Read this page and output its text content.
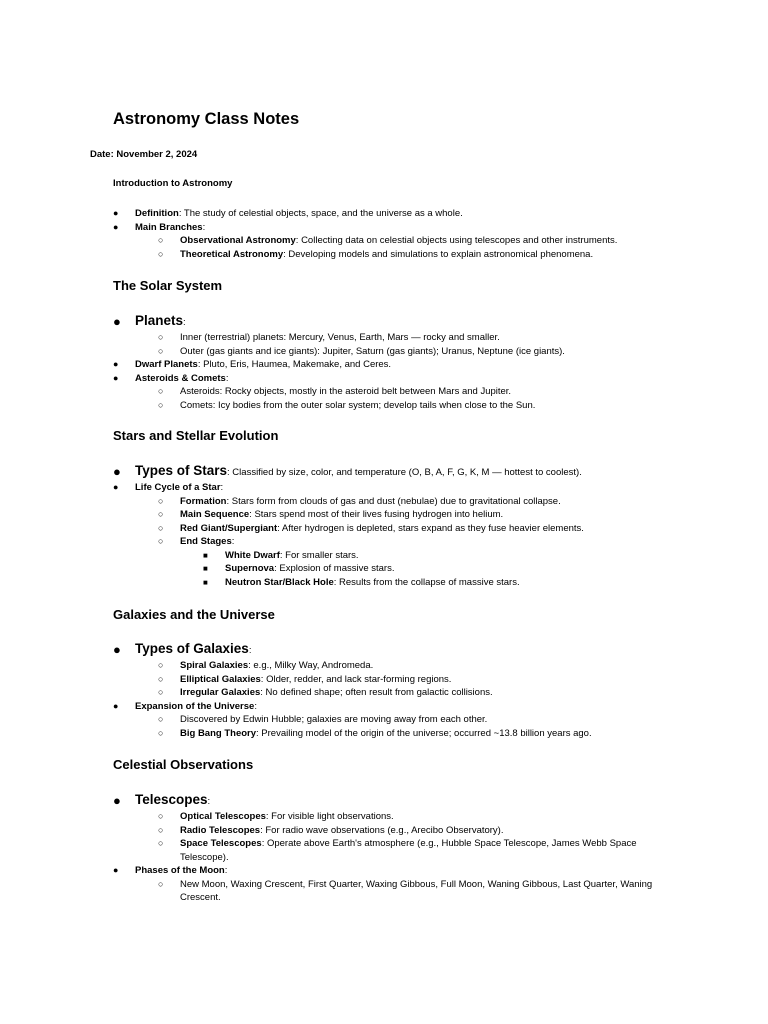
Astronomy Class Notes
Date: November 2, 2024
Introduction to Astronomy
● Definition: The study of celestial objects, space, and the universe as a whole.
● Main Branches:
○ Observational Astronomy: Collecting data on celestial objects using telescopes and other instruments.
○ Theoretical Astronomy: Developing models and simulations to explain astronomical phenomena.
The Solar System
● Planets:
○ Inner (terrestrial) planets: Mercury, Venus, Earth, Mars — rocky and smaller.
○ Outer (gas giants and ice giants): Jupiter, Saturn (gas giants); Uranus, Neptune (ice giants).
● Dwarf Planets: Pluto, Eris, Haumea, Makemake, and Ceres.
● Asteroids & Comets:
○ Asteroids: Rocky objects, mostly in the asteroid belt between Mars and Jupiter.
○ Comets: Icy bodies from the outer solar system; develop tails when close to the Sun.
Stars and Stellar Evolution
● Types of Stars: Classified by size, color, and temperature (O, B, A, F, G, K, M — hottest to coolest).
● Life Cycle of a Star:
○ Formation: Stars form from clouds of gas and dust (nebulae) due to gravitational collapse.
○ Main Sequence: Stars spend most of their lives fusing hydrogen into helium.
○ Red Giant/Supergiant: After hydrogen is depleted, stars expand as they fuse heavier elements.
○ End Stages:
■ White Dwarf: For smaller stars.
■ Supernova: Explosion of massive stars.
■ Neutron Star/Black Hole: Results from the collapse of massive stars.
Galaxies and the Universe
● Types of Galaxies:
○ Spiral Galaxies: e.g., Milky Way, Andromeda.
○ Elliptical Galaxies: Older, redder, and lack star-forming regions.
○ Irregular Galaxies: No defined shape; often result from galactic collisions.
● Expansion of the Universe:
○ Discovered by Edwin Hubble; galaxies are moving away from each other.
○ Big Bang Theory: Prevailing model of the origin of the universe; occurred ~13.8 billion years ago.
Celestial Observations
● Telescopes:
○ Optical Telescopes: For visible light observations.
○ Radio Telescopes: For radio wave observations (e.g., Arecibo Observatory).
○ Space Telescopes: Operate above Earth's atmosphere (e.g., Hubble Space Telescope, James Webb Space Telescope).
● Phases of the Moon:
○ New Moon, Waxing Crescent, First Quarter, Waxing Gibbous, Full Moon, Waning Gibbous, Last Quarter, Waning Crescent.
